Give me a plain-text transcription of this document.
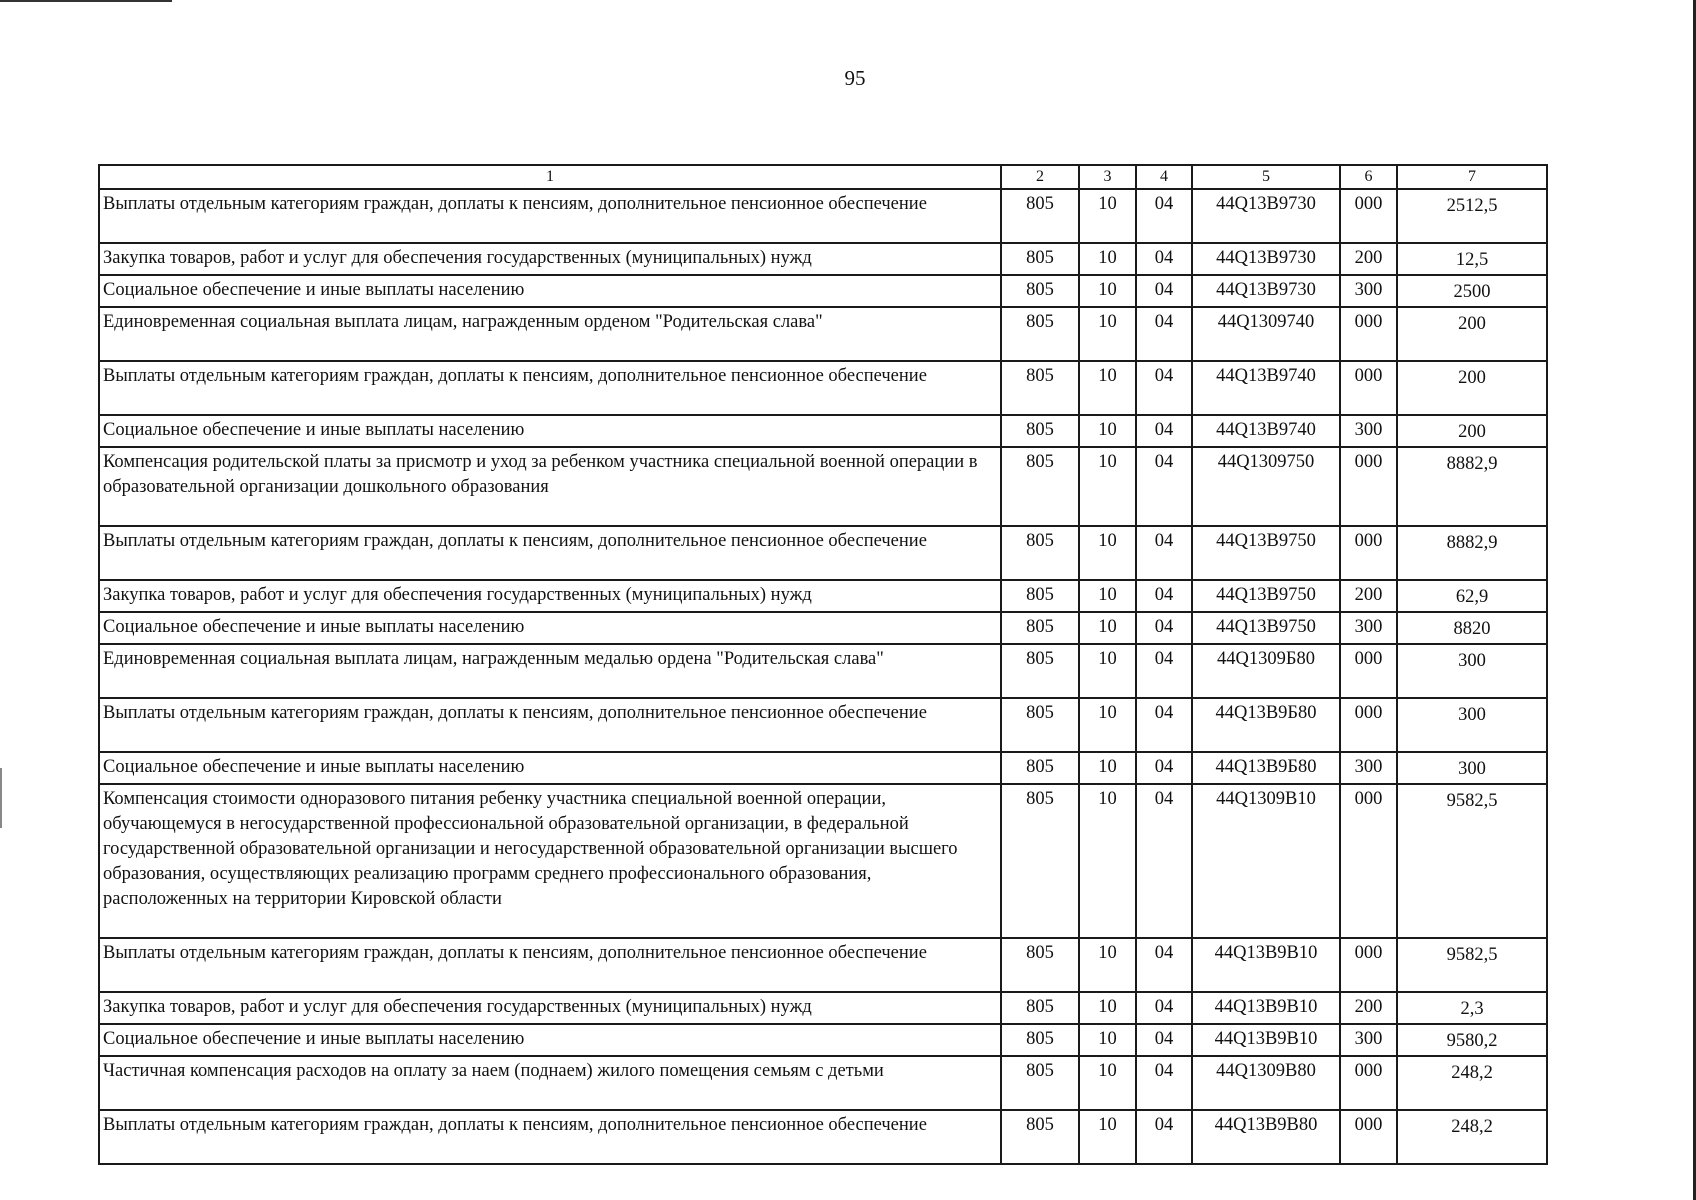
95
1	2	3	4	5	6	7
Выплаты отдельным категориям граждан, доплаты к пенсиям, дополнительное пенсионное обеспечение	805	10	04	44Q13B9730	000	2512,5
Закупка товаров, работ и услуг для обеспечения государственных (муниципальных) нужд	805	10	04	44Q13B9730	200	12,5
Социальное обеспечение и иные выплаты населению	805	10	04	44Q13B9730	300	2500
Единовременная социальная выплата лицам, награжденным орденом "Родительская слава"	805	10	04	44Q1309740	000	200
Выплаты отдельным категориям граждан, доплаты к пенсиям, дополнительное пенсионное обеспечение	805	10	04	44Q13B9740	000	200
Социальное обеспечение и иные выплаты населению	805	10	04	44Q13B9740	300	200
Компенсация родительской платы за присмотр и уход за ребенком участника специальной военной операции в образовательной организации дошкольного образования	805	10	04	44Q1309750	000	8882,9
Выплаты отдельным категориям граждан, доплаты к пенсиям, дополнительное пенсионное обеспечение	805	10	04	44Q13B9750	000	8882,9
Закупка товаров, работ и услуг для обеспечения государственных (муниципальных) нужд	805	10	04	44Q13B9750	200	62,9
Социальное обеспечение и иные выплаты населению	805	10	04	44Q13B9750	300	8820
Единовременная социальная выплата лицам, награжденным медалью ордена "Родительская слава"	805	10	04	44Q1309Б80	000	300
Выплаты отдельным категориям граждан, доплаты к пенсиям, дополнительное пенсионное обеспечение	805	10	04	44Q13B9Б80	000	300
Социальное обеспечение и иные выплаты населению	805	10	04	44Q13B9Б80	300	300
Компенсация стоимости одноразового питания ребенку участника специальной военной операции, обучающемуся в негосударственной профессиональной образовательной организации, в федеральной государственной образовательной организации и негосударственной образовательной организации высшего образования, осуществляющих реализацию программ среднего профессионального образования, расположенных на территории Кировской области	805	10	04	44Q1309B10	000	9582,5
Выплаты отдельным категориям граждан, доплаты к пенсиям, дополнительное пенсионное обеспечение	805	10	04	44Q13B9B10	000	9582,5
Закупка товаров, работ и услуг для обеспечения государственных (муниципальных) нужд	805	10	04	44Q13B9B10	200	2,3
Социальное обеспечение и иные выплаты населению	805	10	04	44Q13B9B10	300	9580,2
Частичная компенсация расходов на оплату за наем (поднаем) жилого помещения семьям с детьми	805	10	04	44Q1309B80	000	248,2
Выплаты отдельным категориям граждан, доплаты к пенсиям, дополнительное пенсионное обеспечение	805	10	04	44Q13B9B80	000	248,2
